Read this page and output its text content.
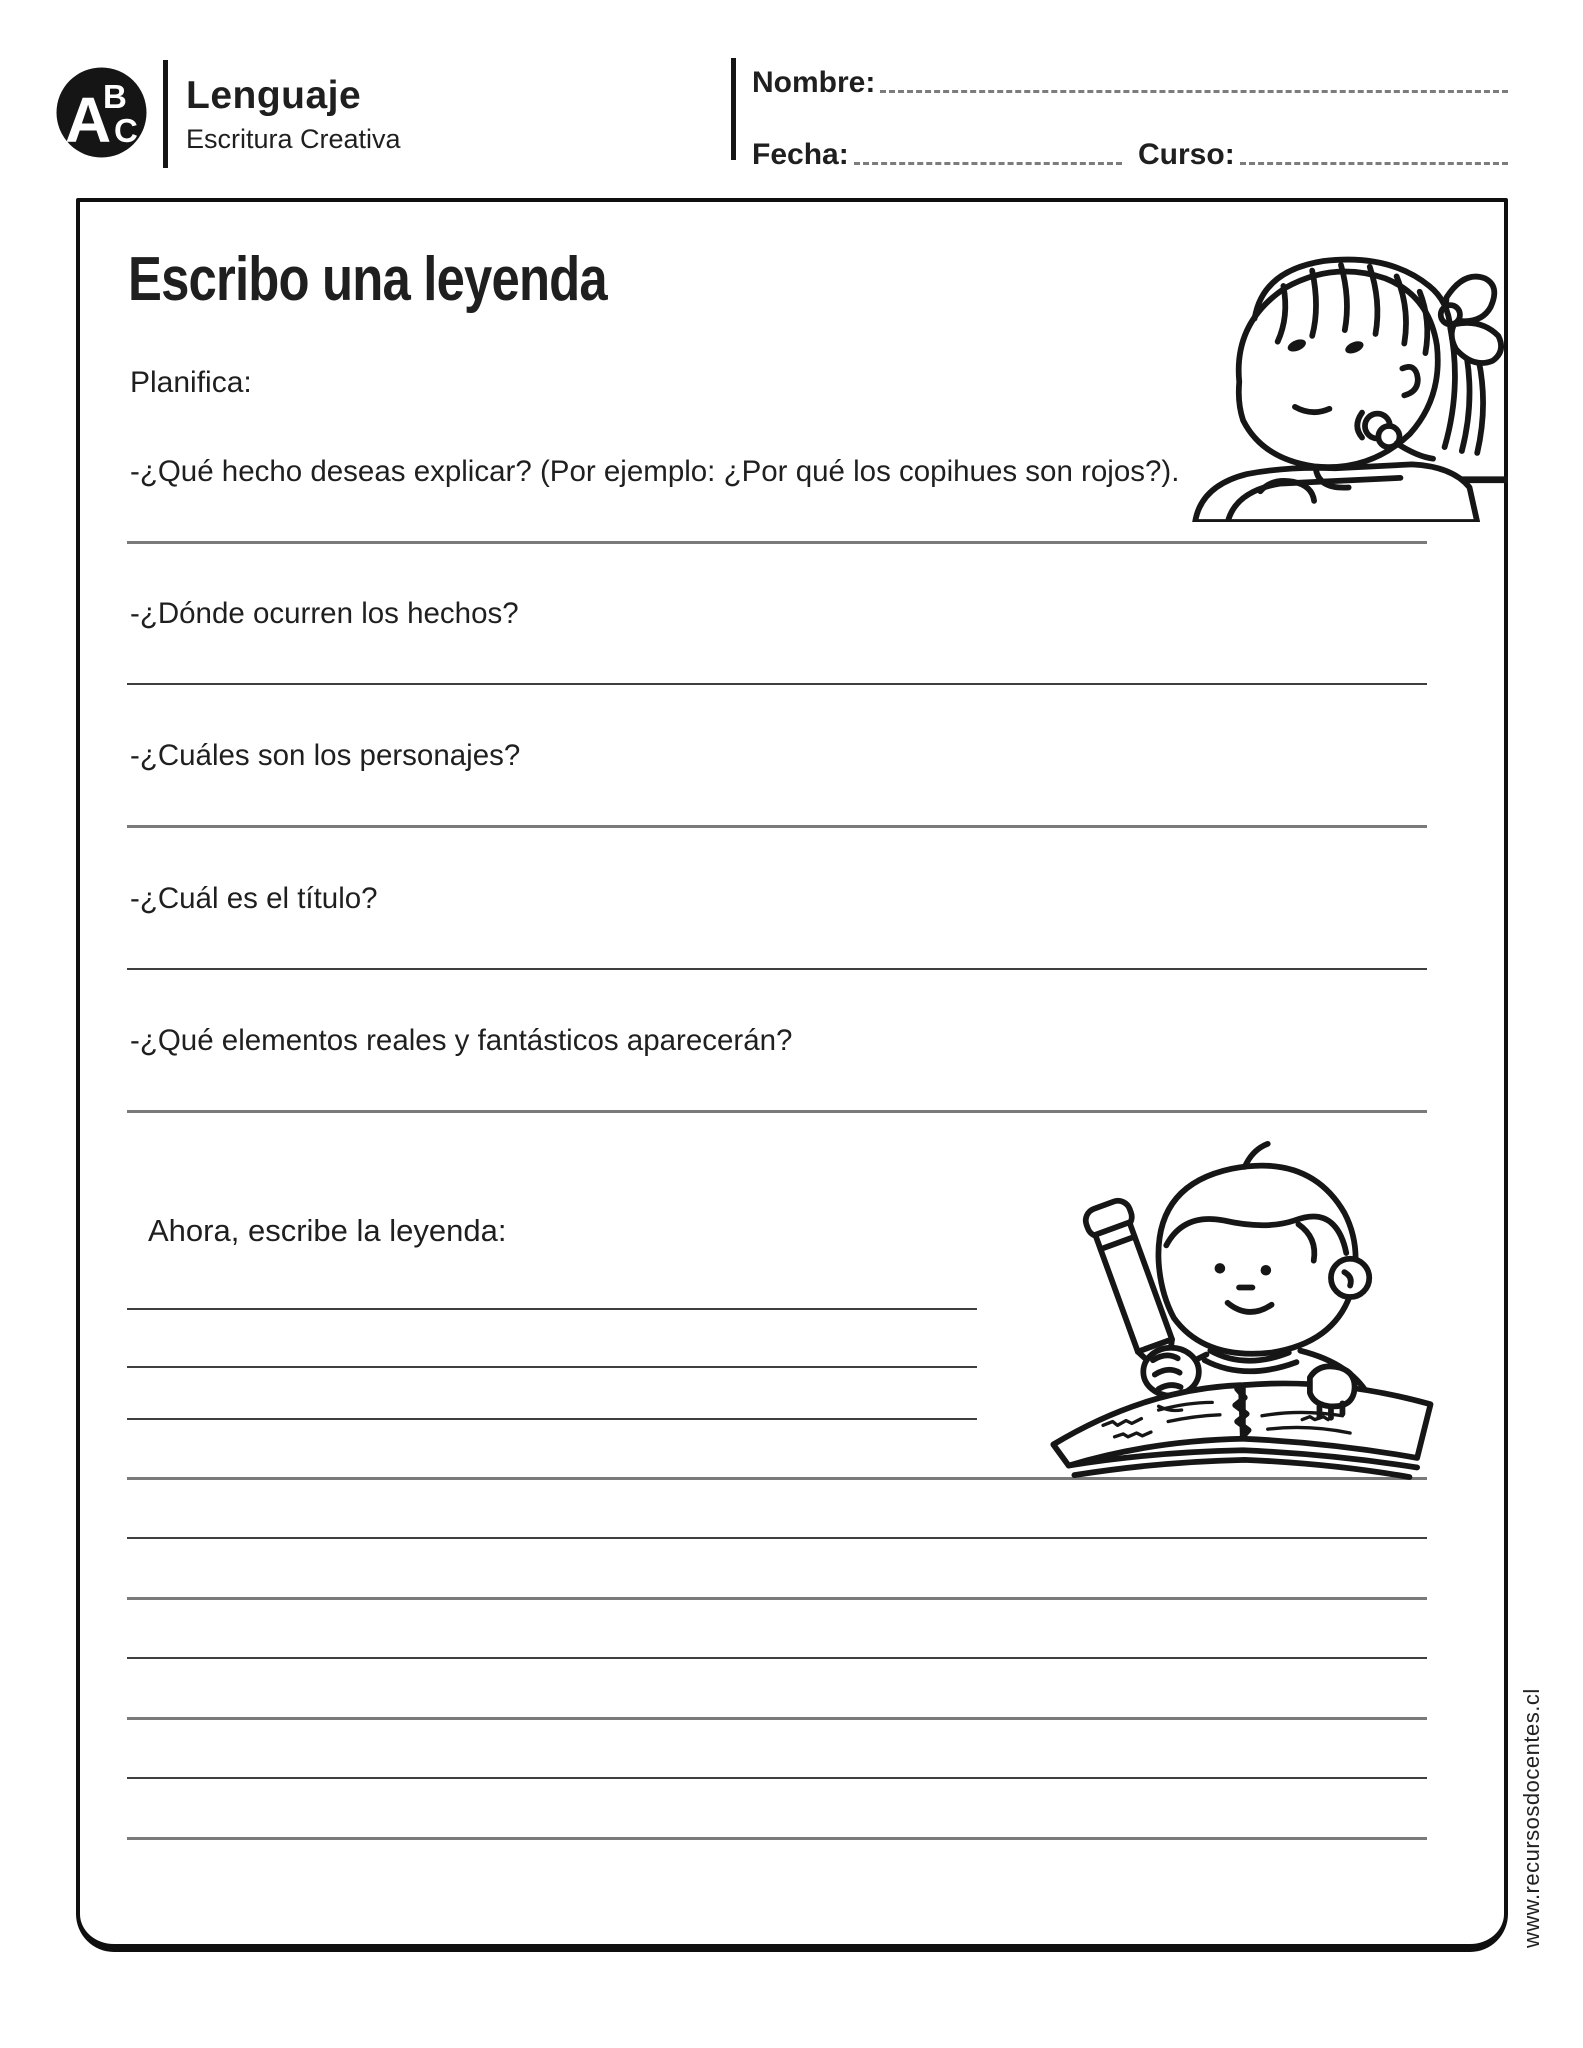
A
B
C
Lenguaje
Escritura Creativa
Nombre:
Fecha:	Curso:
Escribo una leyenda
Planifica:
-¿Qué hecho deseas explicar? (Por ejemplo: ¿Por qué los copihues son rojos?).
-¿Dónde ocurren los hechos?
-¿Cuáles son los personajes?
-¿Cuál es el título?
-¿Qué elementos reales y fantásticos aparecerán?
Ahora, escribe la leyenda:
www.recursosdocentes.cl
